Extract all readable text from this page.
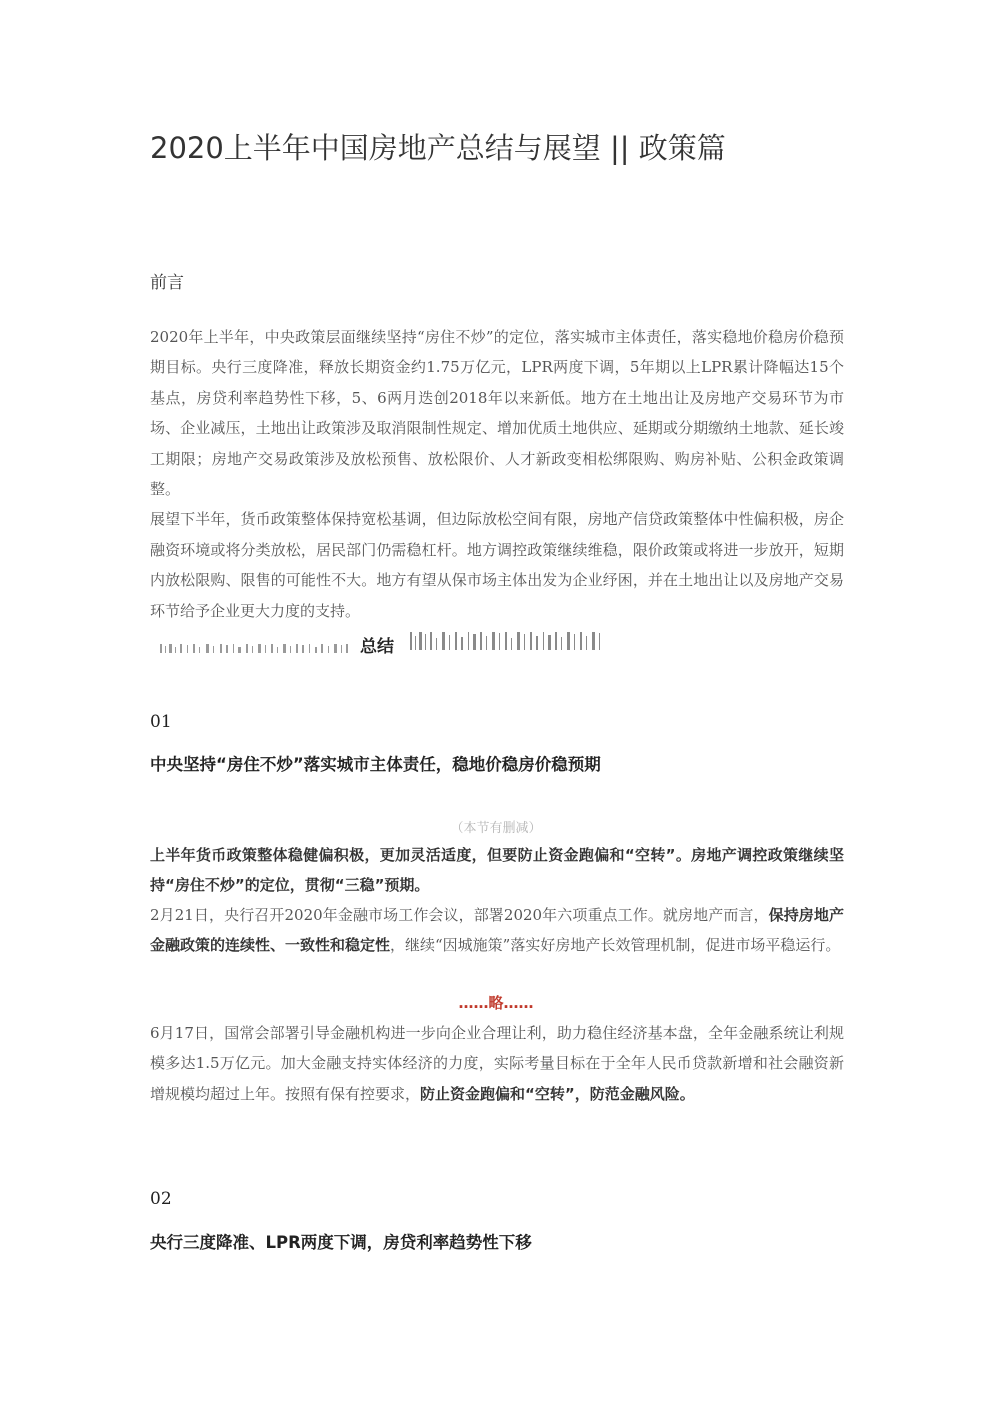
2020上半年中国房地产总结与展望 || 政策篇
前言

2020年上半年，中央政策层面继续坚持“房住不炒”的定位，落实城市主体责任，落实稳地价稳房价稳预期目标。央行三度降准，释放长期资金约1.75万亿元，LPR两度下调，5年期以上LPR累计降幅达15个基点，房贷利率趋势性下移，5、6两月迭创2018年以来新低。地方在土地出让及房地产交易环节为市场、企业减压，土地出让政策涉及取消限制性规定、增加优质土地供应、延期或分期缴纳土地款、延长竣工期限；房地产交易政策涉及放松预售、放松限价、人才新政变相松绑限购、购房补贴、公积金政策调整。

展望下半年，货币政策整体保持宽松基调，但边际放松空间有限，房地产信贷政策整体中性偏积极，房企融资环境或将分类放松，居民部门仍需稳杠杆。地方调控政策继续维稳，限价政策或将进一步放开，短期内放松限购、限售的可能性不大。地方有望从保市场主体出发为企业纾困，并在土地出让以及房地产交易环节给予企业更大力度的支持。

总结
01
中央坚持“房住不炒”落实城市主体责任，稳地价稳房价稳预期
（本节有删减）

上半年货币政策整体稳健偏积极，更加灵活适度，但要防止资金跑偏和“空转”。房地产调控政策继续坚持“房住不炒”的定位，贯彻“三稳”预期。

2月21日，央行召开2020年金融市场工作会议，部署2020年六项重点工作。就房地产而言，保持房地产金融政策的连续性、一致性和稳定性，继续“因城施策”落实好房地产长效管理机制，促进市场平稳运行。

……略……

6月17日，国常会部署引导金融机构进一步向企业合理让利，助力稳住经济基本盘，全年金融系统让利规模多达1.5万亿元。加大金融支持实体经济的力度，实际考量目标在于全年人民币贷款新增和社会融资新增规模均超过上年。按照有保有控要求，防止资金跑偏和“空转”，防范金融风险。

02
央行三度降准、LPR两度下调，房贷利率趋势性下移
